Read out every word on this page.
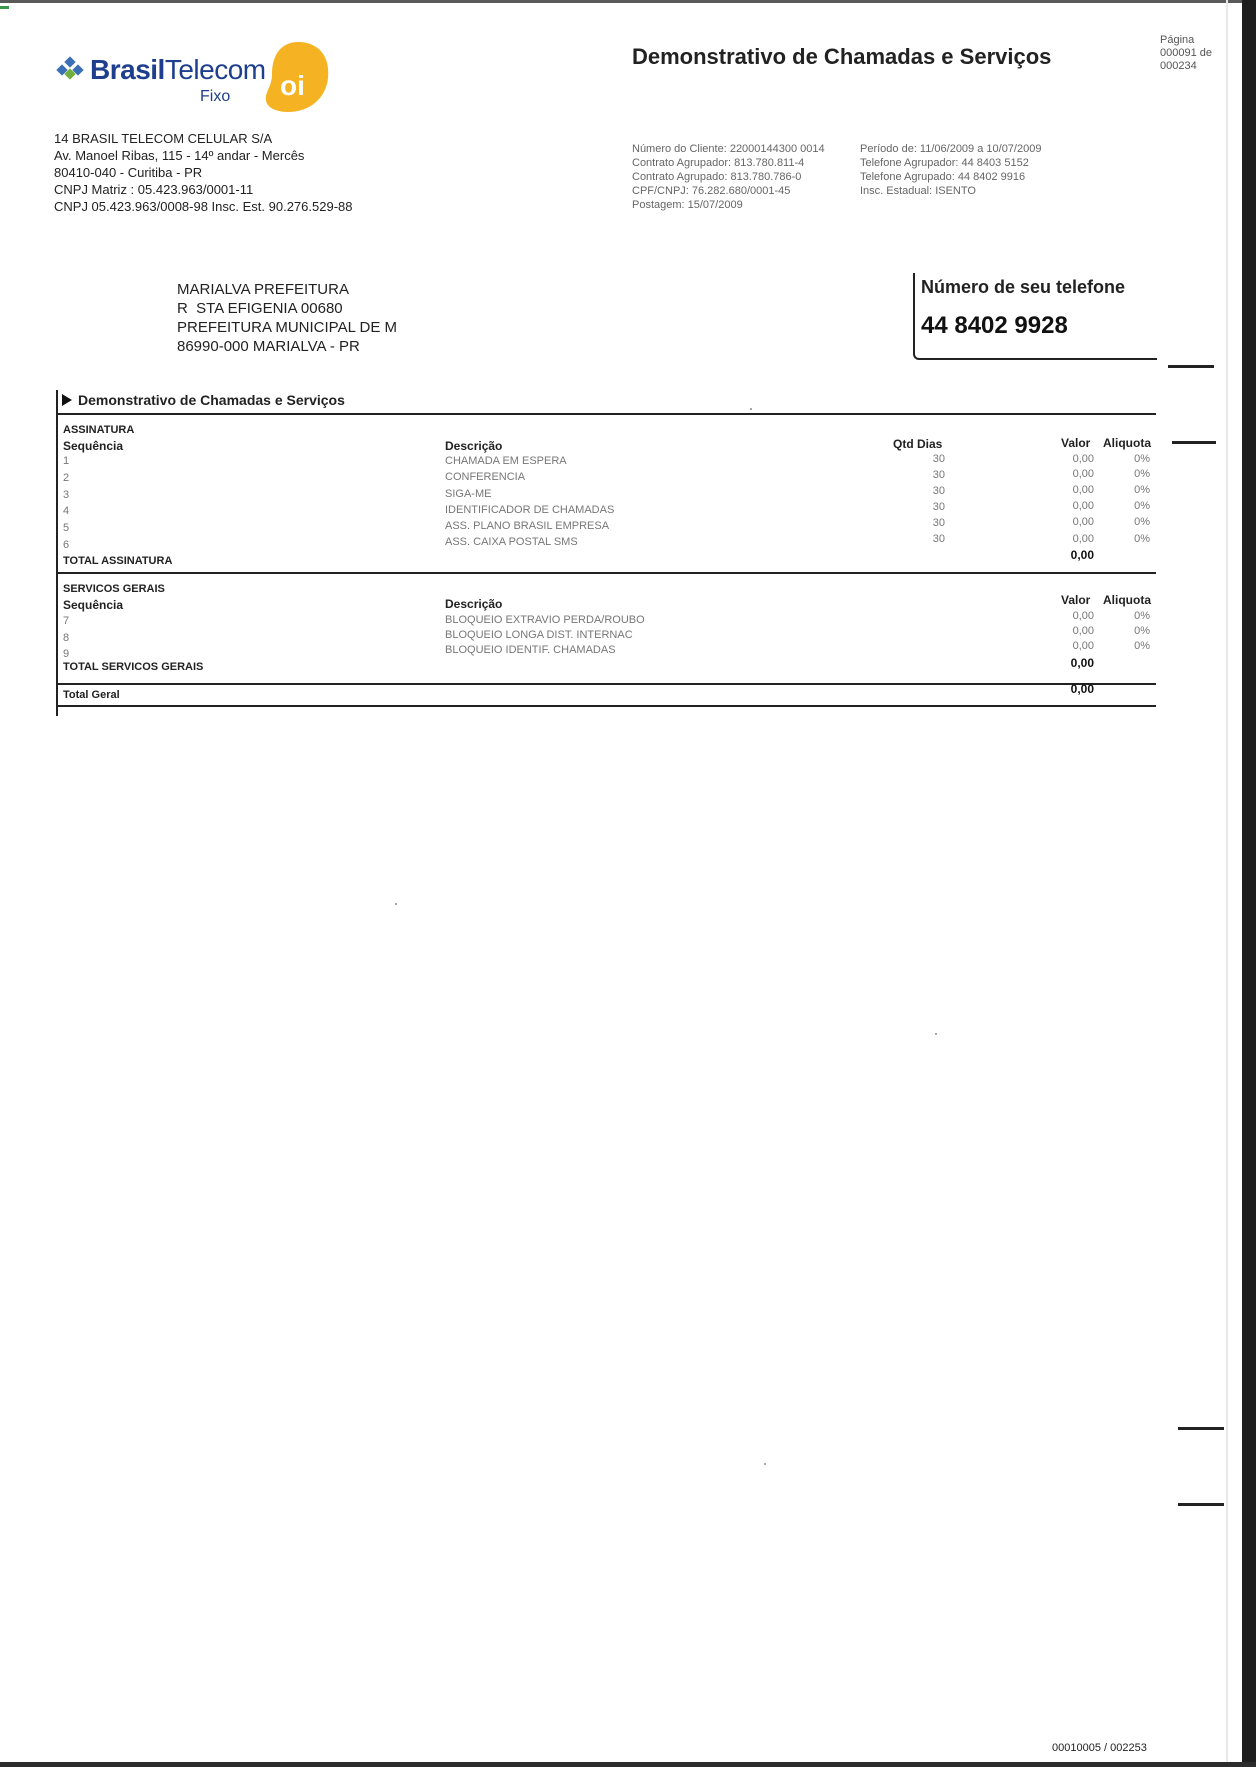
BrasilTelecom
Fixo oi
Demonstrativo de Chamadas e Serviços
Página
000091 de
000234
14 BRASIL TELECOM CELULAR S/A
Av. Manoel Ribas, 115 - 14º andar - Mercês
80410-040 - Curitiba - PR
CNPJ Matriz : 05.423.963/0001-11
CNPJ 05.423.963/0008-98 Insc. Est. 90.276.529-88
Número do Cliente: 22000144300 0014
Contrato Agrupador: 813.780.811-4
Contrato Agrupado: 813.780.786-0
CPF/CNPJ: 76.282.680/0001-45
Postagem: 15/07/2009
Período de: 11/06/2009 a 10/07/2009
Telefone Agrupador: 44 8403 5152
Telefone Agrupado: 44 8402 9916
Insc. Estadual: ISENTO
MARIALVA PREFEITURA
R  STA EFIGENIA 00680
PREFEITURA MUNICIPAL DE M
86990-000 MARIALVA - PR
Número de seu telefone
44 8402 9928
Demonstrativo de Chamadas e Serviços
ASSINATURA
Sequência	Descrição	Qtd Dias	Valor Aliquota
1	CHAMADA EM ESPERA	30	0,00	0%
2	CONFERENCIA	30	0,00	0%
3	SIGA-ME	30	0,00	0%
4	IDENTIFICADOR DE CHAMADAS	30	0,00	0%
5	ASS. PLANO BRASIL EMPRESA	30	0,00	0%
6	ASS. CAIXA POSTAL SMS	30	0,00	0%
TOTAL ASSINATURA	0,00
SERVICOS GERAIS
Sequência	Descrição	Valor Aliquota
7	BLOQUEIO EXTRAVIO PERDA/ROUBO	0,00	0%
8	BLOQUEIO LONGA DIST. INTERNAC	0,00	0%
9	BLOQUEIO IDENTIF. CHAMADAS	0,00	0%
TOTAL SERVICOS GERAIS	0,00
Total Geral	0,00
00010005 / 002253
